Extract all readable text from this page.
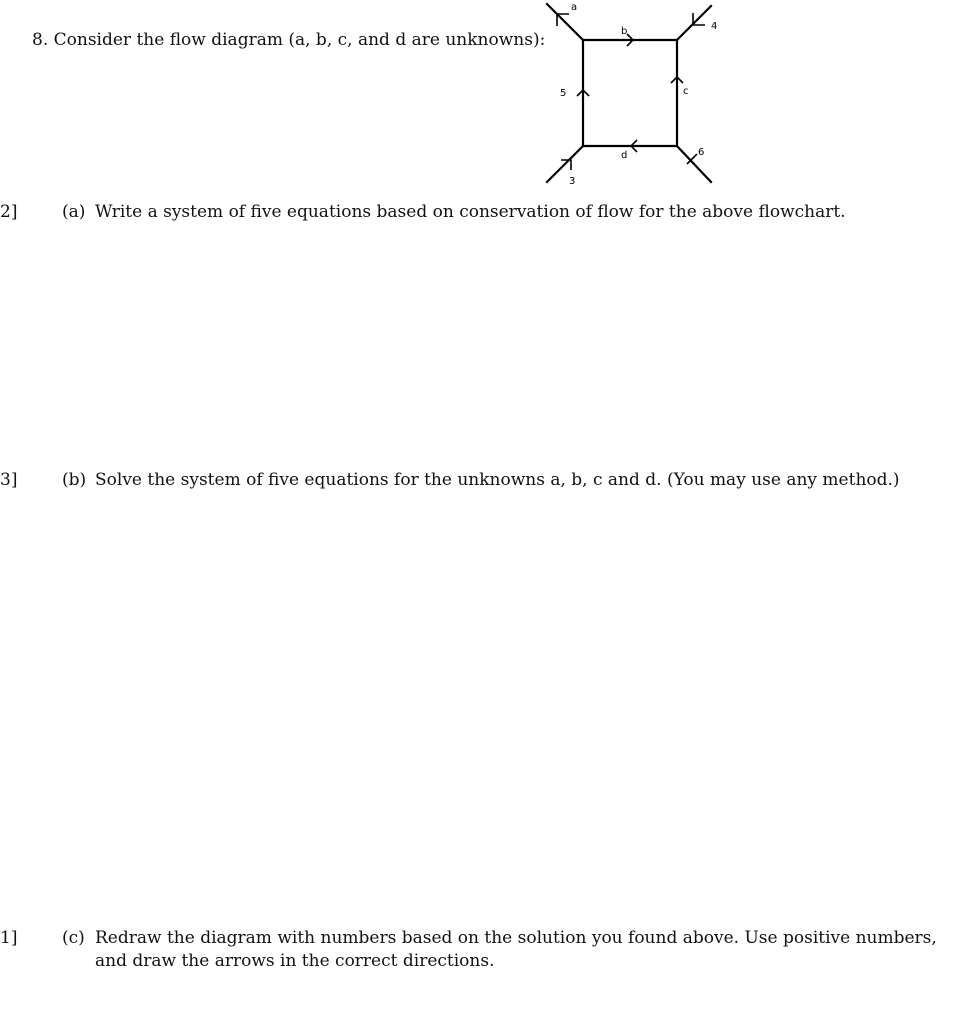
8. Consider the flow diagram (a, b, c, and d are unknowns):
a
b	4
5	c
d	6
3
2]	(a) Write a system of five equations based on conservation of flow for the above flowchart.
3]	(b) Solve the system of five equations for the unknowns a, b, c and d. (You may use any method.)
1]	(c) Redraw the diagram with numbers based on the solution you found above. Use positive numbers,
and draw the arrows in the correct directions.
